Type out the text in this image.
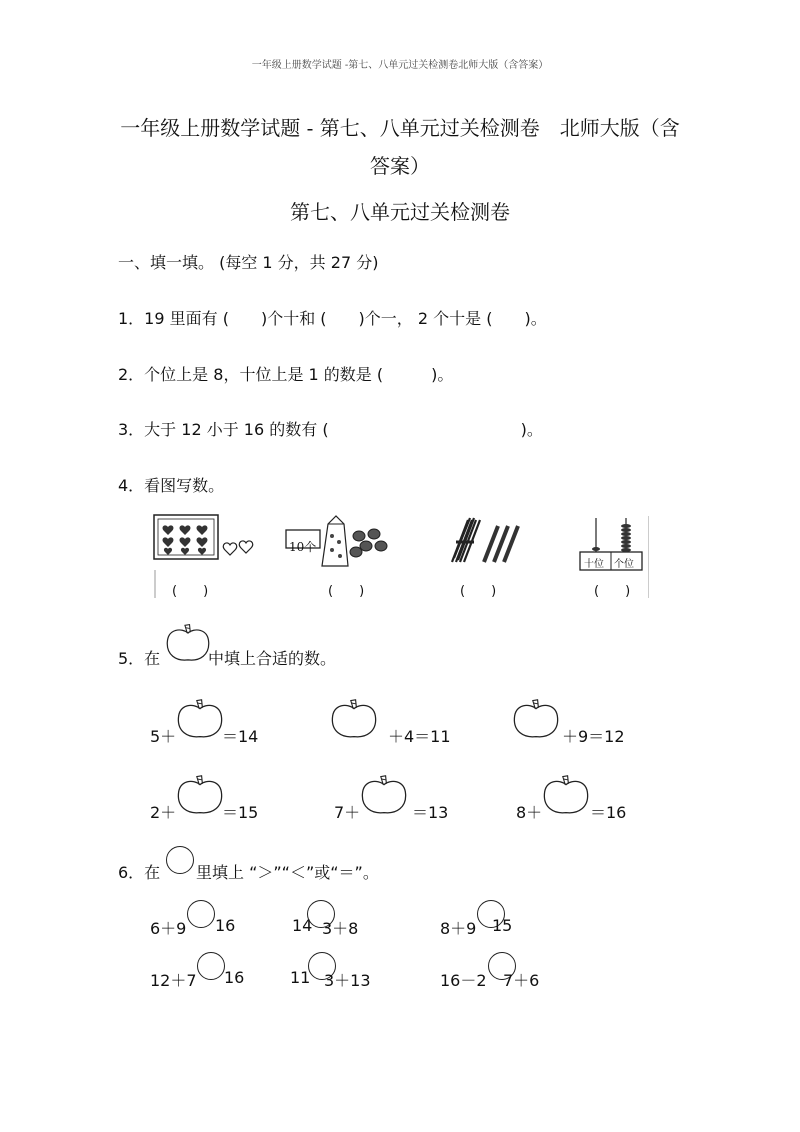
一年级上册数学试题 -第七、八单元过关检测卷北师大版（含答案）
一年级上册数学试题 - 第七、八单元过关检测卷　北师大版（含
答案）
第七、八单元过关检测卷
一、填一填。 (每空 1 分，共 27 分)
1．19 里面有 (　　)个十和 (　　)个一， 2 个十是 (　　)。
2．个位上是 8，十位上是 1 的数是 (　　　)。
3．大于 12 小于 16 的数有 (　　　　　　　　　　　　)。
4．看图写数。
(　　)
10个
(　　)	(　　)
十位 个位
(　　)
5．在	中填上合适的数。
5＋	＝14	＋4＝11	＋9＝12
2＋	＝15	7＋	＝13	8＋	＝16
6．在 里填上 “＞”“＜”或“＝”。
6＋9 16	14 3＋8	8＋9 15
12＋7 16	11 3＋13	16－2 7＋6
